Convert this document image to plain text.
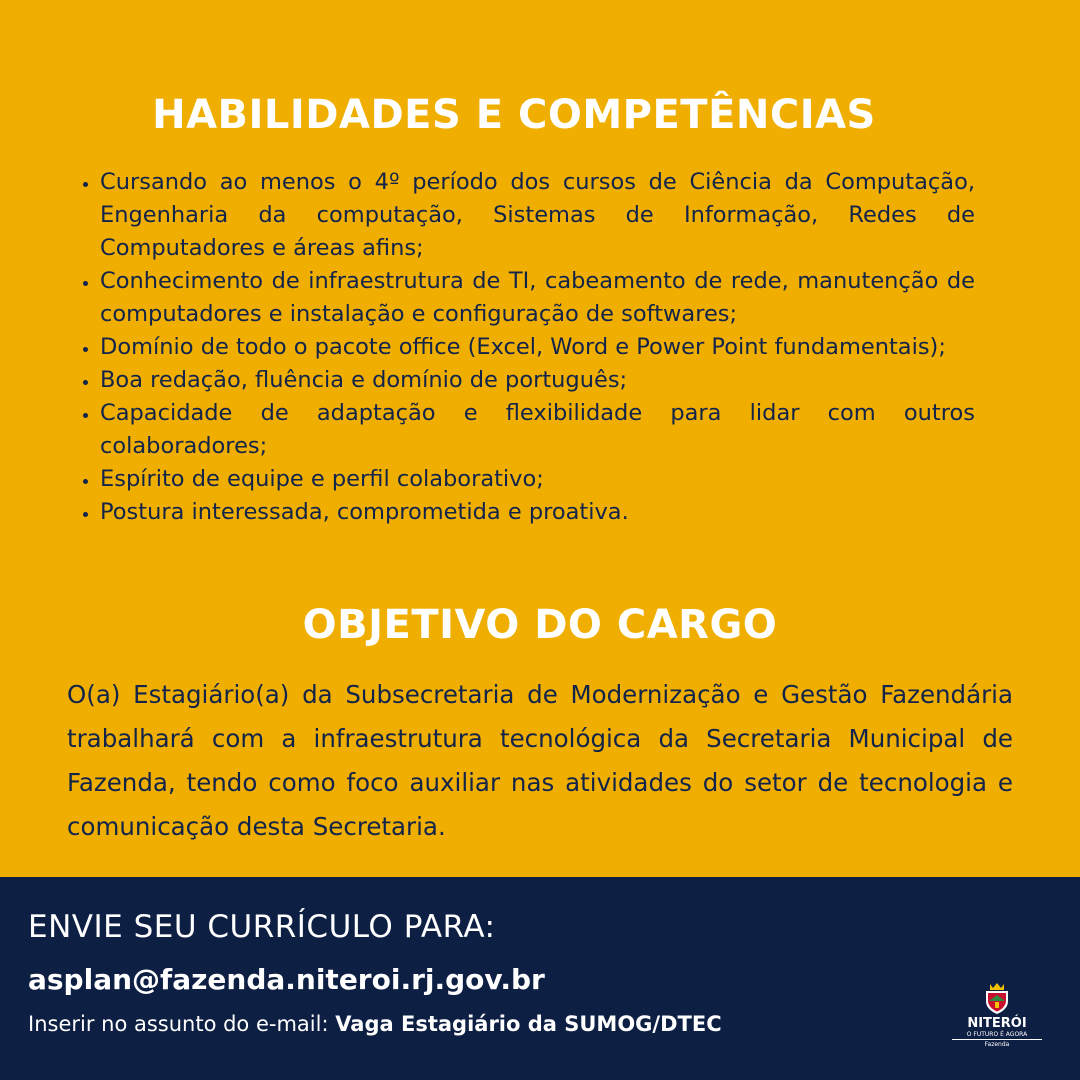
HABILIDADES E COMPETÊNCIAS
• Cursando ao menos o 4º período dos cursos de Ciência da Computação, Engenharia da computação, Sistemas de Informação, Redes de Computadores e áreas afins;
• Conhecimento de infraestrutura de TI, cabeamento de rede, manutenção de computadores e instalação e configuração de softwares;
• Domínio de todo o pacote office (Excel, Word e Power Point fundamentais);
• Boa redação, fluência e domínio de português;
• Capacidade de adaptação e flexibilidade para lidar com outros colaboradores;
• Espírito de equipe e perfil colaborativo;
• Postura interessada, comprometida e proativa.
OBJETIVO DO CARGO

O(a) Estagiário(a) da Subsecretaria de Modernização e Gestão Fazendária trabalhará com a infraestrutura tecnológica da Secretaria Municipal de Fazenda, tendo como foco auxiliar nas atividades do setor de tecnologia e comunicação desta Secretaria.

ENVIE SEU CURRÍCULO PARA:
asplan@fazenda.niteroi.rj.gov.br
Inserir no assunto do e-mail: Vaga Estagiário da SUMOG/DTEC	NITERÓI
O FUTURO É AGORA
Fazenda
